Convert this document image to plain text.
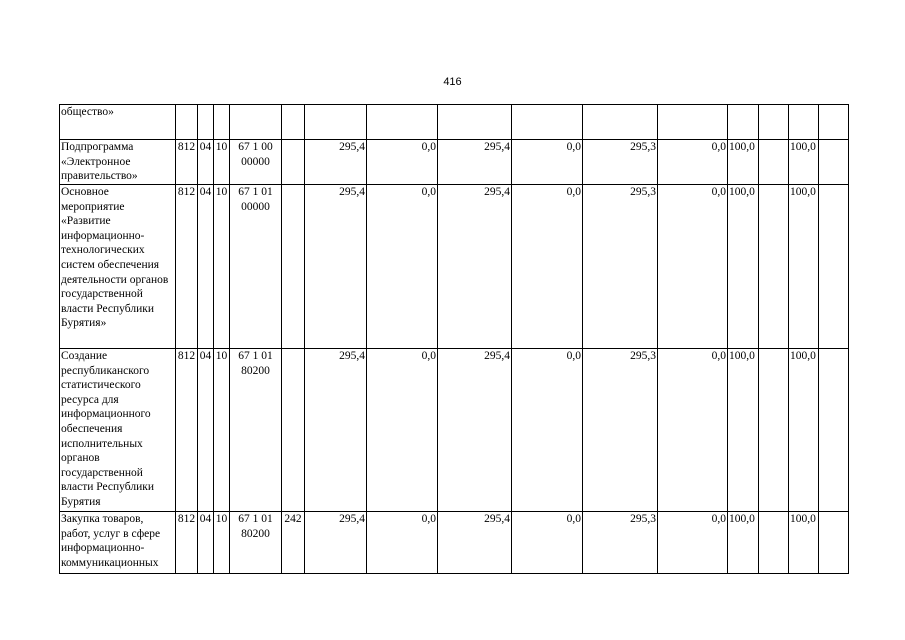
416
общество»															
Подпрограмма «Электронное правительство»	812	04	10	67 1 00 00000		295,4	0,0	295,4	0,0	295,3	0,0	100,0		100,0	
Основное мероприятие «Развитие информационно-технологических систем обеспечения деятельности органов государственной власти Республики Бурятия»	812	04	10	67 1 01 00000		295,4	0,0	295,4	0,0	295,3	0,0	100,0		100,0	
Создание республиканского статистического ресурса для информационного обеспечения исполнительных органов государственной власти Республики Бурятия	812	04	10	67 1 01 80200		295,4	0,0	295,4	0,0	295,3	0,0	100,0		100,0	
Закупка товаров, работ, услуг в сфере информационно-коммуникационных	812	04	10	67 1 01 80200	242	295,4	0,0	295,4	0,0	295,3	0,0	100,0		100,0	
